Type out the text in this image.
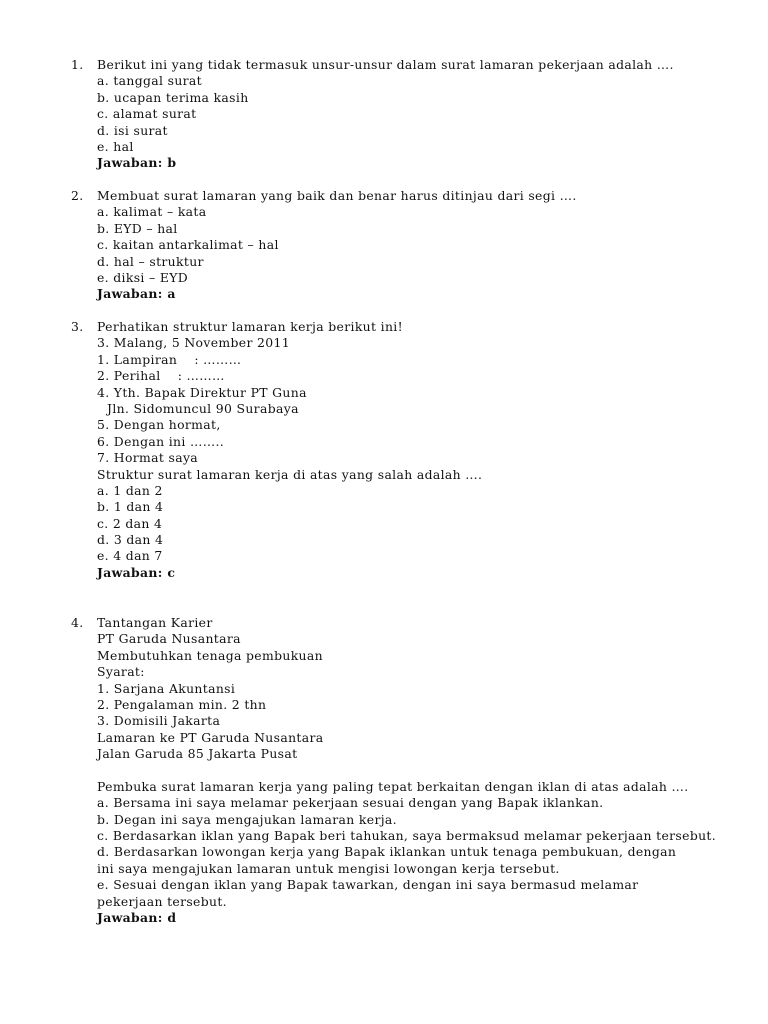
1. Berikut ini yang tidak termasuk unsur-unsur dalam surat lamaran pekerjaan adalah ….
a. tanggal surat
b. ucapan terima kasih
c. alamat surat
d. isi surat
e. hal
Jawaban: b
2. Membuat surat lamaran yang baik dan benar harus ditinjau dari segi ….
a. kalimat – kata
b. EYD – hal
c. kaitan antarkalimat – hal
d. hal – struktur
e. diksi – EYD
Jawaban: a
3. Perhatikan struktur lamaran kerja berikut ini!
3. Malang, 5 November 2011
1. Lampiran    : ………
2. Perihal    : ………
4. Yth. Bapak Direktur PT Guna
Jln. Sidomuncul 90 Surabaya
5. Dengan hormat,
6. Dengan ini ……..
7. Hormat saya
Struktur surat lamaran kerja di atas yang salah adalah ….
a. 1 dan 2
b. 1 dan 4
c. 2 dan 4
d. 3 dan 4
e. 4 dan 7
Jawaban: c
4. Tantangan Karier
PT Garuda Nusantara
Membutuhkan tenaga pembukuan
Syarat:
1. Sarjana Akuntansi
2. Pengalaman min. 2 thn
3. Domisili Jakarta
Lamaran ke PT Garuda Nusantara
Jalan Garuda 85 Jakarta Pusat
Pembuka surat lamaran kerja yang paling tepat berkaitan dengan iklan di atas adalah ….
a. Bersama ini saya melamar pekerjaan sesuai dengan yang Bapak iklankan.
b. Degan ini saya mengajukan lamaran kerja.
c. Berdasarkan iklan yang Bapak beri tahukan, saya bermaksud melamar pekerjaan tersebut.
d. Berdasarkan lowongan kerja yang Bapak iklankan untuk tenaga pembukuan, dengan ini saya mengajukan lamaran untuk mengisi lowongan kerja tersebut.
e. Sesuai dengan iklan yang Bapak tawarkan, dengan ini saya bermasud melamar pekerjaan tersebut.
Jawaban: d
